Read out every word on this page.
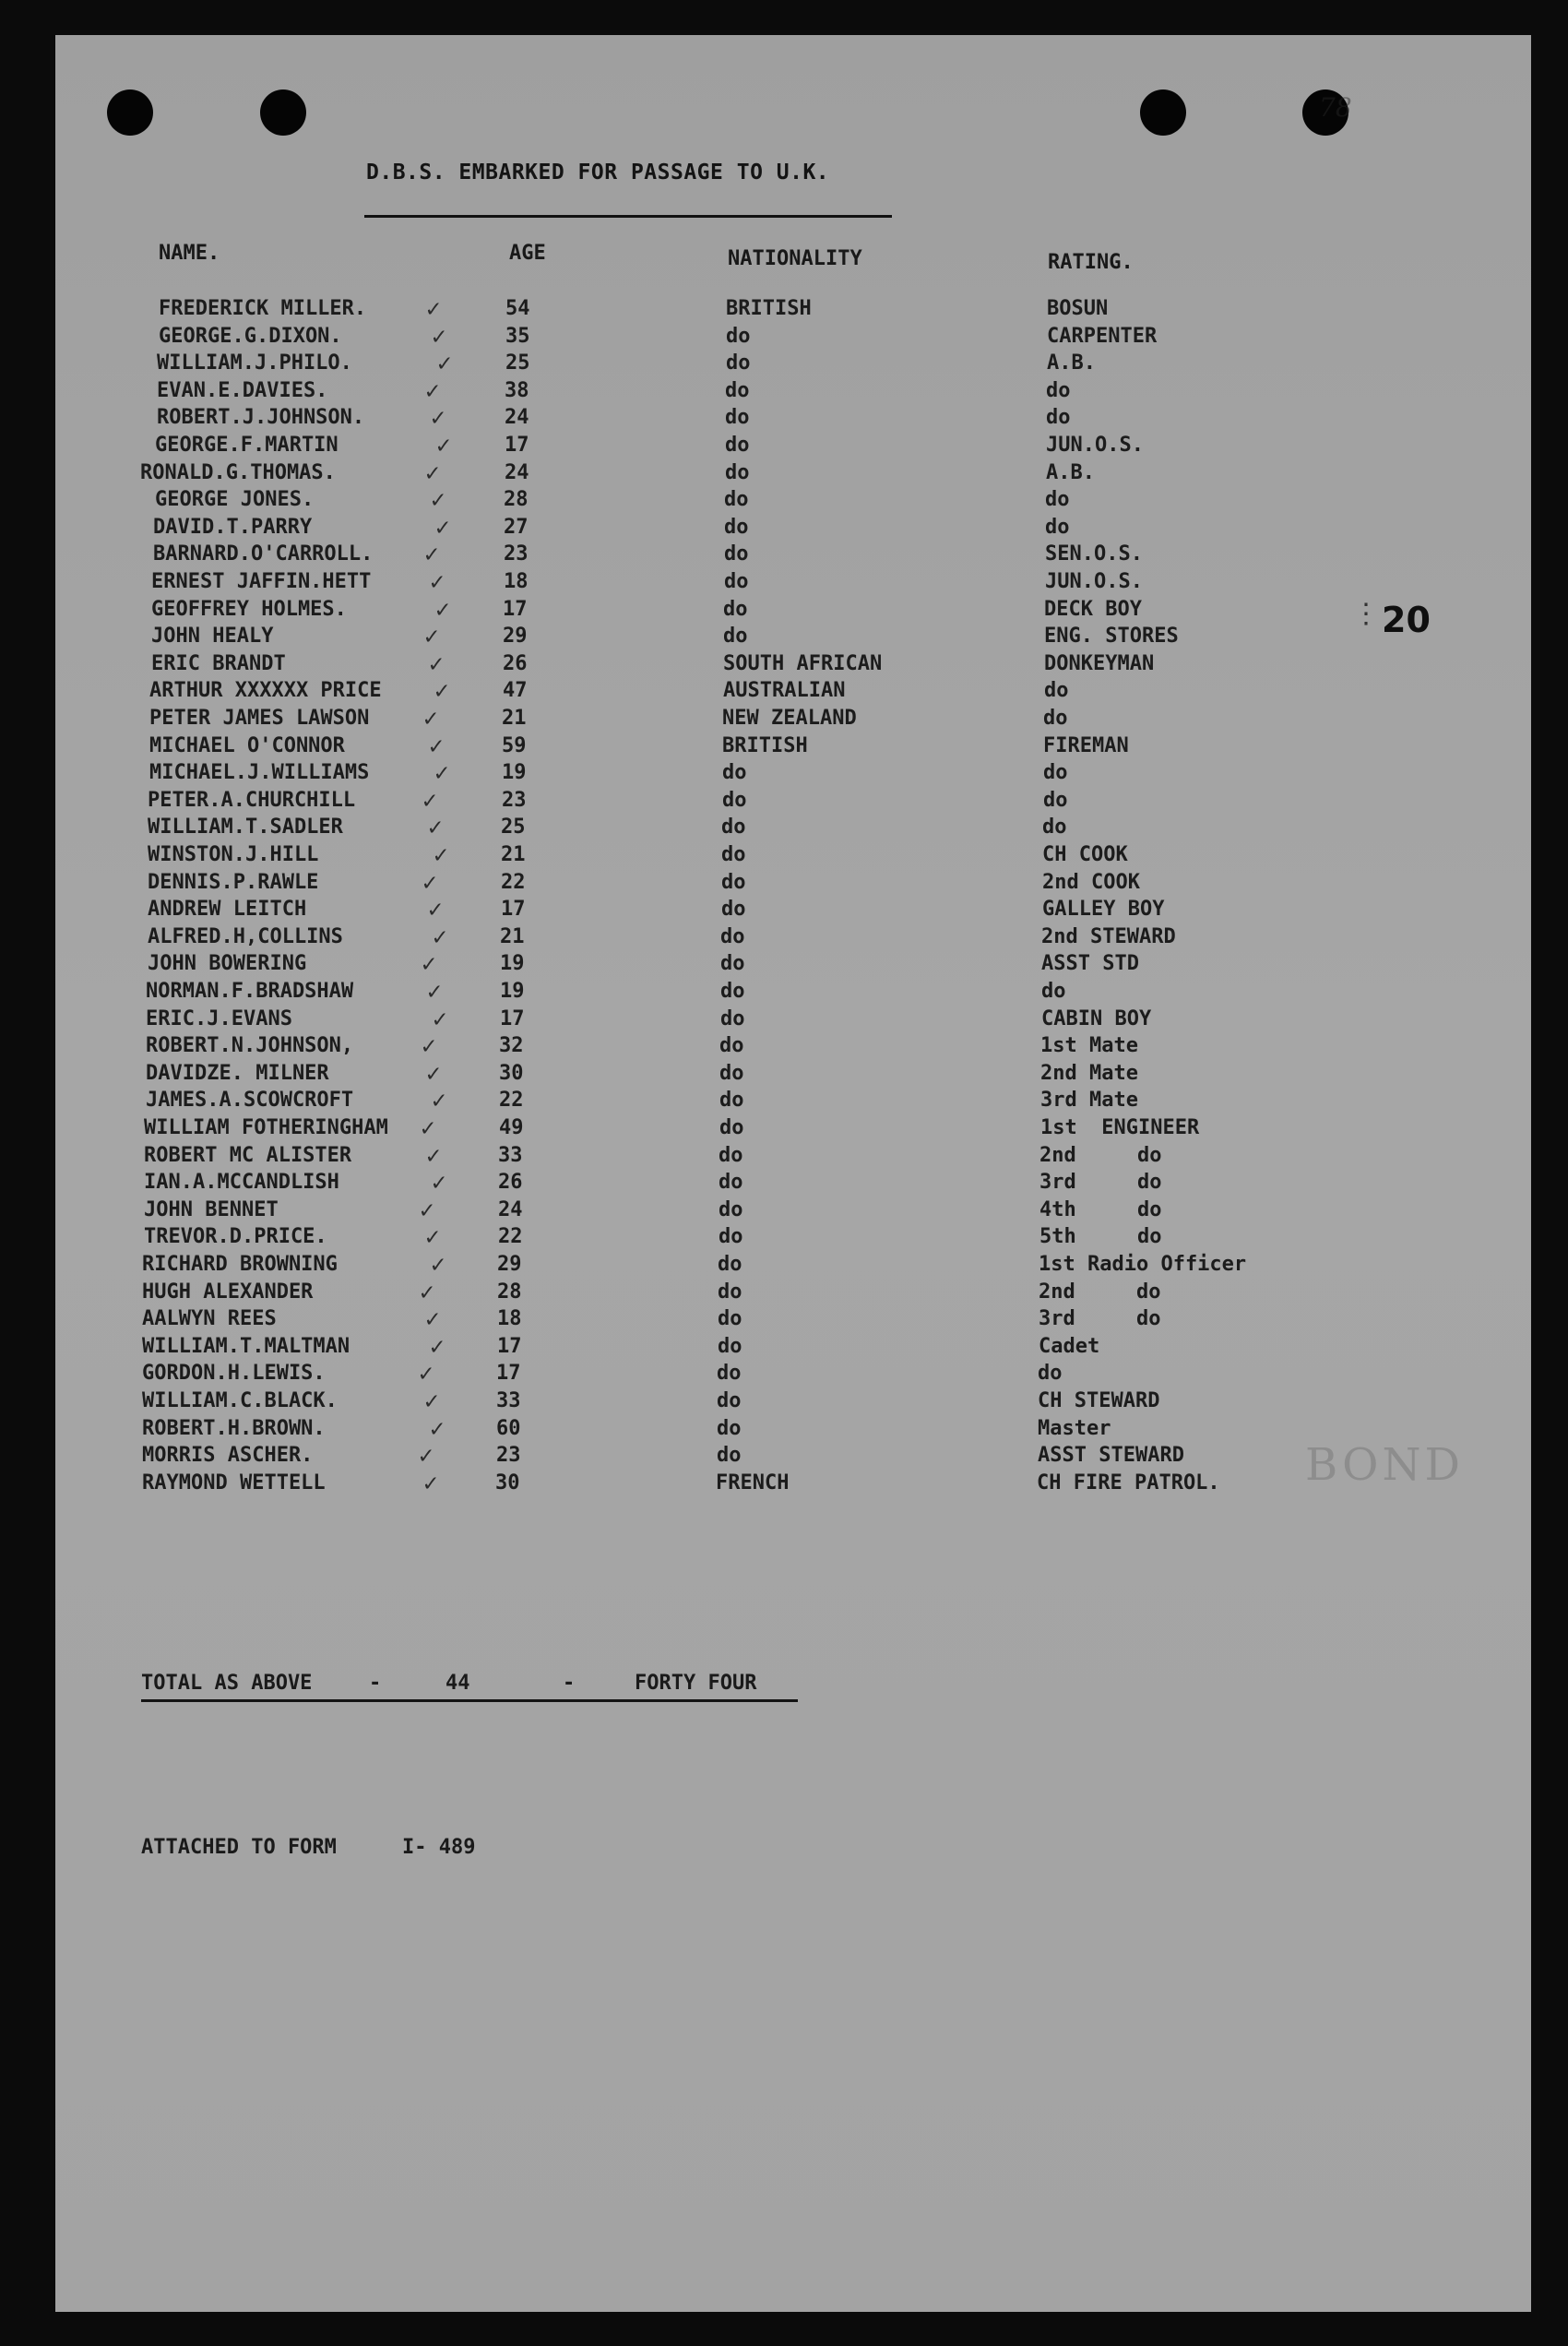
78
BOND
D.B.S. EMBARKED FOR PASSAGE TO U.K.
NAME.	AGE	NATIONALITY	RATING.
⋮ 20
FREDERICK MILLER. ✓	54	BRITISH	BOSUN
GEORGE.G.DIXON.	✓	35	do	CARPENTER
WILLIAM.J.PHILO.	✓	25	do	A.B.
EVAN.E.DAVIES.	✓	38	do	do
ROBERT.J.JOHNSON.	✓	24	do	do
GEORGE.F.MARTIN	✓	17	do	JUN.O.S.
RONALD.G.THOMAS.	✓	24	do	A.B.
GEORGE JONES.	✓	28	do	do
DAVID.T.PARRY	✓	27	do	do
BARNARD.O'CARROLL. ✓	23	do	SEN.O.S.
ERNEST JAFFIN.HETT ✓	18	do	JUN.O.S.
GEOFFREY HOLMES.	✓	17	do	DECK BOY
JOHN HEALY	✓	29	do	ENG. STORES
ERIC BRANDT	✓	26	SOUTH AFRICAN	DONKEYMAN
ARTHUR XXXXXX PRICE ✓	47	AUSTRALIAN	do
PETER JAMES LAWSON ✓	21	NEW ZEALAND	do
MICHAEL O'CONNOR	✓	59	BRITISH	FIREMAN
MICHAEL.J.WILLIAMS	✓	19	do	do
PETER.A.CHURCHILL	✓	23	do	do
WILLIAM.T.SADLER	✓	25	do	do
WINSTON.J.HILL	✓	21	do	CH COOK
DENNIS.P.RAWLE	✓	22	do	2nd COOK
ANDREW LEITCH	✓	17	do	GALLEY BOY
ALFRED.H,COLLINS	✓	21	do	2nd STEWARD
JOHN BOWERING	✓	19	do	ASST STD
NORMAN.F.BRADSHAW	✓	19	do	do
ERIC.J.EVANS	✓	17	do	CABIN BOY
ROBERT.N.JOHNSON,	✓	32	do	1st Mate
DAVIDZE. MILNER	✓	30	do	2nd Mate
JAMES.A.SCOWCROFT	✓	22	do	3rd Mate
WILLIAM FOTHERINGHAM ✓	49	do	1st  ENGINEER
ROBERT MC ALISTER	✓	33	do	2nd     do
IAN.A.MCCANDLISH	✓	26	do	3rd     do
JOHN BENNET	✓	24	do	4th     do
TREVOR.D.PRICE.	✓	22	do	5th     do
RICHARD BROWNING	✓	29	do	1st Radio Officer
HUGH ALEXANDER	✓	28	do	2nd     do
AALWYN REES	✓	18	do	3rd     do
WILLIAM.T.MALTMAN	✓	17	do	Cadet
GORDON.H.LEWIS.	✓	17	do	do
WILLIAM.C.BLACK.	✓	33	do	CH STEWARD
ROBERT.H.BROWN.	✓	60	do	Master
MORRIS ASCHER.	✓	23	do	ASST STEWARD
RAYMOND WETTELL	✓	30	FRENCH	CH FIRE PATROL.
TOTAL AS ABOVE	-	44	-	FORTY FOUR
ATTACHED TO FORM	I- 489
